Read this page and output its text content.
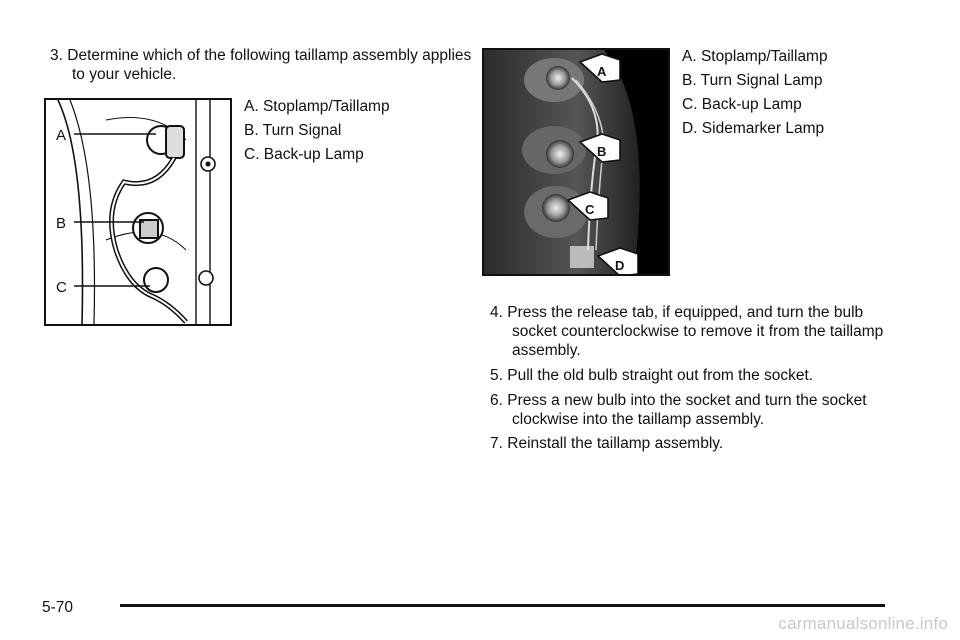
3. Determine which of the following taillamp assembly applies to your vehicle.

A
B
C

A. Stoplamp/Taillamp

B. Turn Signal

C. Back-up Lamp

A
B
C
D

A. Stoplamp/Taillamp

B. Turn Signal Lamp

C. Back-up Lamp

D. Sidemarker Lamp

4. Press the release tab, if equipped, and turn the bulb socket counterclockwise to remove it from the taillamp assembly.

5. Pull the old bulb straight out from the socket.

6. Press a new bulb into the socket and turn the socket clockwise into the taillamp assembly.

7. Reinstall the taillamp assembly.

5-70
carmanualsonline.info
